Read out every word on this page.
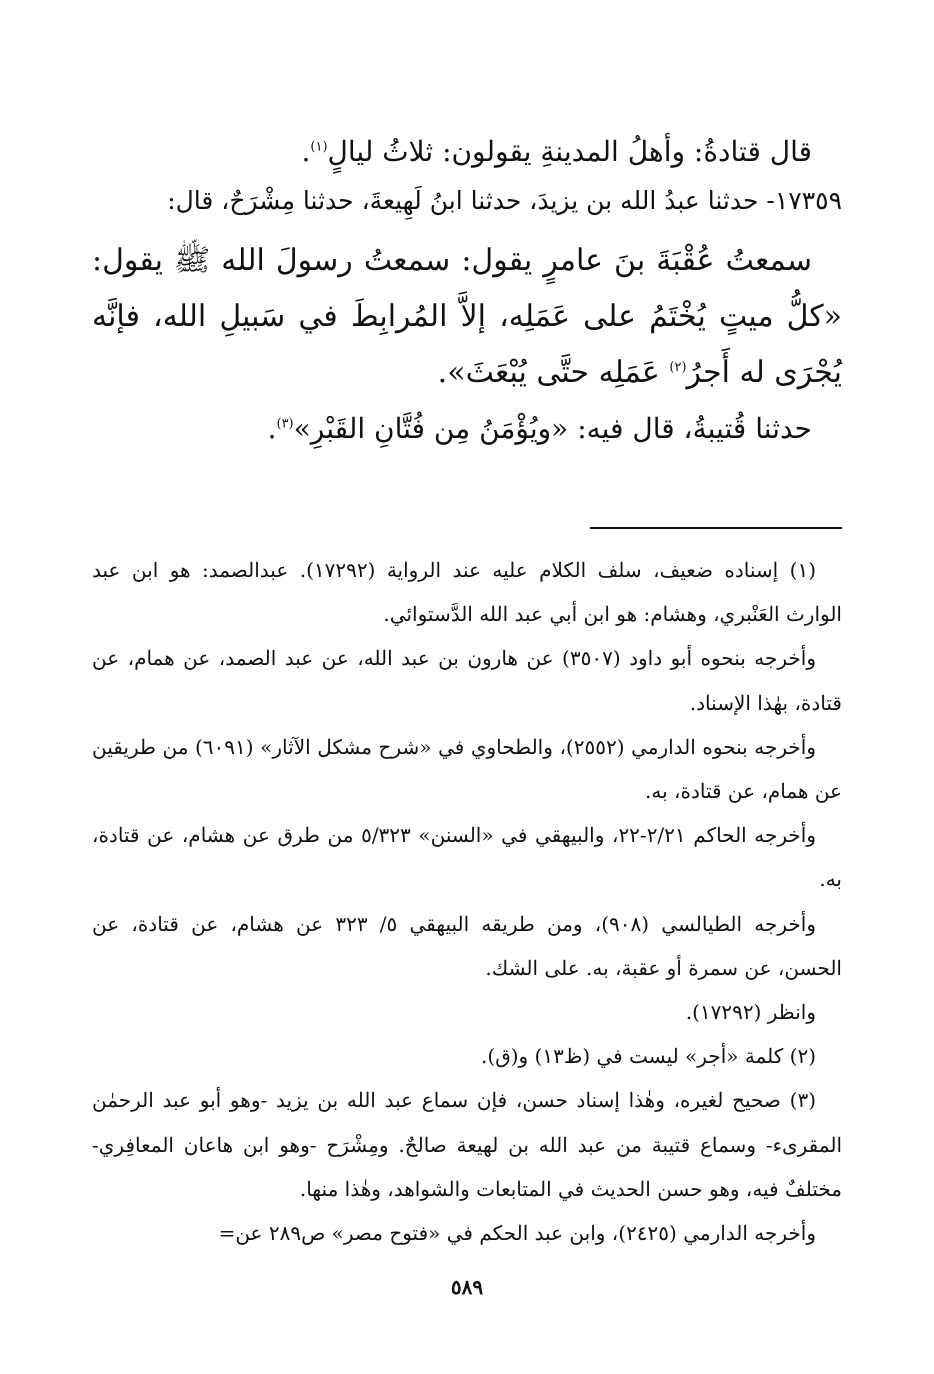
قال قتادةُ: وأهلُ المدينةِ يقولون: ثلاثُ ليالٍ$^{(١)}$.

١٧٣٥٩- حدثنا عبدُ الله بن يزيدَ، حدثنا ابنُ لَهِيعةَ، حدثنا مِشْرَحٌ، قال:

سمعتُ عُقْبَةَ بنَ عامرٍ يقول: سمعتُ رسولَ الله ﷺ يقول: «كلُّ ميتٍ يُخْتَمُ على عَمَلِه، إلاَّ المُرابِطَ في سَبيلِ الله، فإنَّه يُجْرَى له أَجرُ$^{(٢)}$ عَمَلِه حتَّى يُبْعَثَ».

حدثنا قُتيبةُ، قال فيه: «ويُؤْمَنُ مِن فُتَّانِ القَبْرِ»$^{(٣)}$.

(١) إسناده ضعيف، سلف الكلام عليه عند الرواية (١٧٢٩٢). عبدالصمد: هو ابن عبد الوارث العَنْبري، وهشام: هو ابن أبي عبد الله الدَّستوائي.

وأخرجه بنحوه أبو داود (٣٥٠٧) عن هارون بن عبد الله، عن عبد الصمد، عن همام، عن قتادة، بهٰذا الإسناد.

وأخرجه بنحوه الدارمي (٢٥٥٢)، والطحاوي في «شرح مشكل الآثار» (٦٠٩١) من طريقين عن همام، عن قتادة، به.

وأخرجه الحاكم ٢/٢١-٢٢، والبيهقي في «السنن» ٥/٣٢٣ من طرق عن هشام، عن قتادة، به.

وأخرجه الطيالسي (٩٠٨)، ومن طريقه البيهقي ٥/ ٣٢٣ عن هشام، عن قتادة، عن الحسن، عن سمرة أو عقبة، به. على الشك.

وانظر (١٧٢٩٢).

(٢) كلمة «أجر» ليست في (ظ١٣) و(ق).

(٣) صحيح لغيره، وهٰذا إسناد حسن، فإن سماع عبد الله بن يزيد -وهو أبو عبد الرحمٰن المقرىء- وسماع قتيبة من عبد الله بن لهيعة صالحٌ. ومِشْرَح -وهو ابن هاعان المعافِري- مختلفٌ فيه، وهو حسن الحديث في المتابعات والشواهد، وهٰذا منها.

وأخرجه الدارمي (٢٤٢٥)، وابن عبد الحكم في «فتوح مصر» ص٢٨٩ عن=

٥٨٩
